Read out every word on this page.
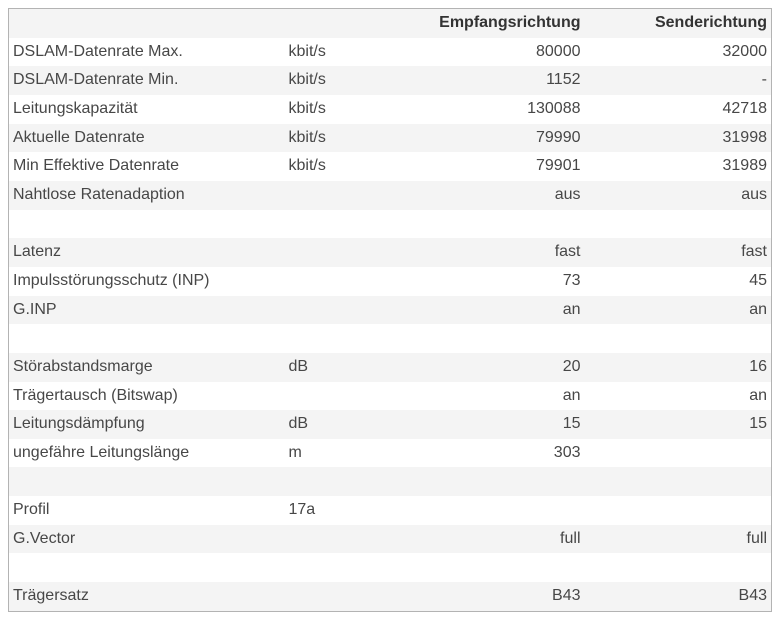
		Empfangsrichtung	Senderichtung
DSLAM-Datenrate Max.	kbit/s	80000	32000
DSLAM-Datenrate Min.	kbit/s	1152	-
Leitungskapazität	kbit/s	130088	42718
Aktuelle Datenrate	kbit/s	79990	31998
Min Effektive Datenrate	kbit/s	79901	31989
Nahtlose Ratenadaption		aus	aus

Latenz		fast	fast
Impulsstörungsschutz (INP)		73	45
G.INP		an	an

Störabstandsmarge	dB	20	16
Trägertausch (Bitswap)		an	an
Leitungsdämpfung	dB	15	15
ungefähre Leitungslänge	m	303	

Profil	17a		
G.Vector		full	full

Trägersatz		B43	B43
